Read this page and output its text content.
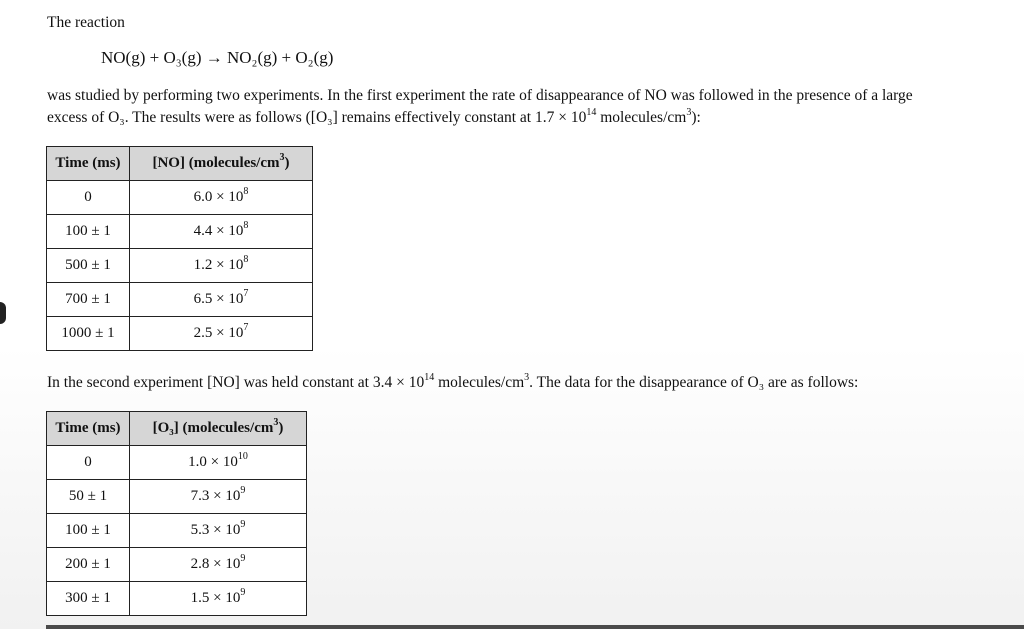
The reaction
NO(g) + O₃(g) → NO₂(g) + O₂(g)
was studied by performing two experiments. In the first experiment the rate of disappearance of NO was followed in the presence of a large
excess of O₃. The results were as follows ([O₃] remains effectively constant at $1.7 \times 10^{14}$ molecules/$cm^3$):
Time (ms)	[NO] $(molecules/cm^3)$
0	$6.0 \times 10^8$
100 ± 1	$4.4 \times 10^8$
500 ± 1	$1.2 \times 10^8$
700 ± 1	$6.5 \times 10^7$
1000 ± 1	$2.5 \times 10^7$
In the second experiment [NO] was held constant at $3.4 \times 10^{14}$ molecules/$cm^3$. The data for the disappearance of O₃ are as follows:
Time (ms)	[O₃] $(molecules/cm^3)$
0	$1.0 \times 10^{10}$
50 ± 1	$7.3 \times 10^9$
100 ± 1	$5.3 \times 10^9$
200 ± 1	$2.8 \times 10^9$
300 ± 1	$1.5 \times 10^9$
